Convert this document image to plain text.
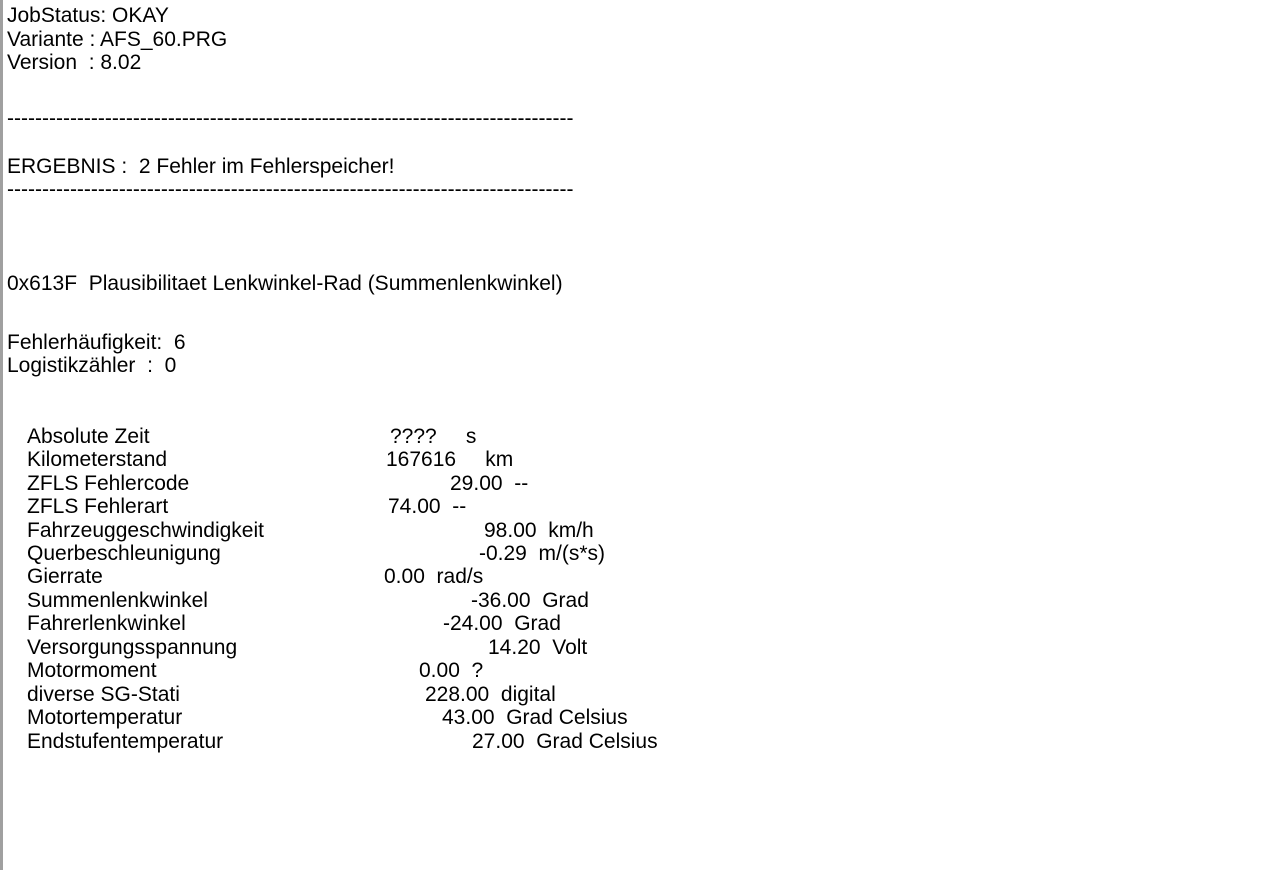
JobStatus: OKAY
Variante : AFS_60.PRG
Version  : 8.02
---------------------------------------------------------------------------------
ERGEBNIS :  2 Fehler im Fehlerspeicher!
---------------------------------------------------------------------------------
0x613F  Plausibilitaet Lenkwinkel-Rad (Summenlenkwinkel)
Fehlerhäufigkeit:  6
Logistikzähler  :  0
Absolute Zeit	????     s
Kilometerstand	167616     km
ZFLS Fehlercode	29.00  --
ZFLS Fehlerart	74.00  --
Fahrzeuggeschwindigkeit	98.00  km/h
Querbeschleunigung	-0.29  m/(s*s)
Gierrate	0.00  rad/s
Summenlenkwinkel	-36.00  Grad
Fahrerlenkwinkel	-24.00  Grad
Versorgungsspannung	14.20  Volt
Motormoment	0.00  ?
diverse SG-Stati	228.00  digital
Motortemperatur	43.00  Grad Celsius
Endstufentemperatur	27.00  Grad Celsius
